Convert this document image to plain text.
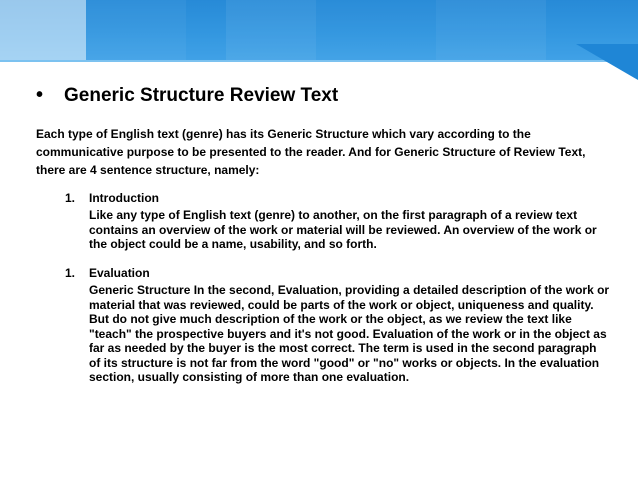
•	Generic Structure Review Text
Each type of English text (genre) has its Generic Structure which vary according to the communicative purpose to be presented to the reader. And for Generic Structure of Review Text, there are 4 sentence structure, namely:
1.	Introduction
Like any type of English text (genre) to another, on the first paragraph of a review text contains an overview of the work or material will be reviewed. An overview of the work or the object could be a name, usability, and so forth.
1.	Evaluation
Generic Structure In the second, Evaluation, providing a detailed description of the work or material that was reviewed, could be parts of the work or object, uniqueness and quality. But do not give much description of the work or the object, as we review the text like "teach" the prospective buyers and it's not good. Evaluation of the work or in the object as far as needed by the buyer is the most correct. The term is used in the second paragraph of its structure is not far from the word "good" or "no" works or objects. In the evaluation section, usually consisting of more than one evaluation.
